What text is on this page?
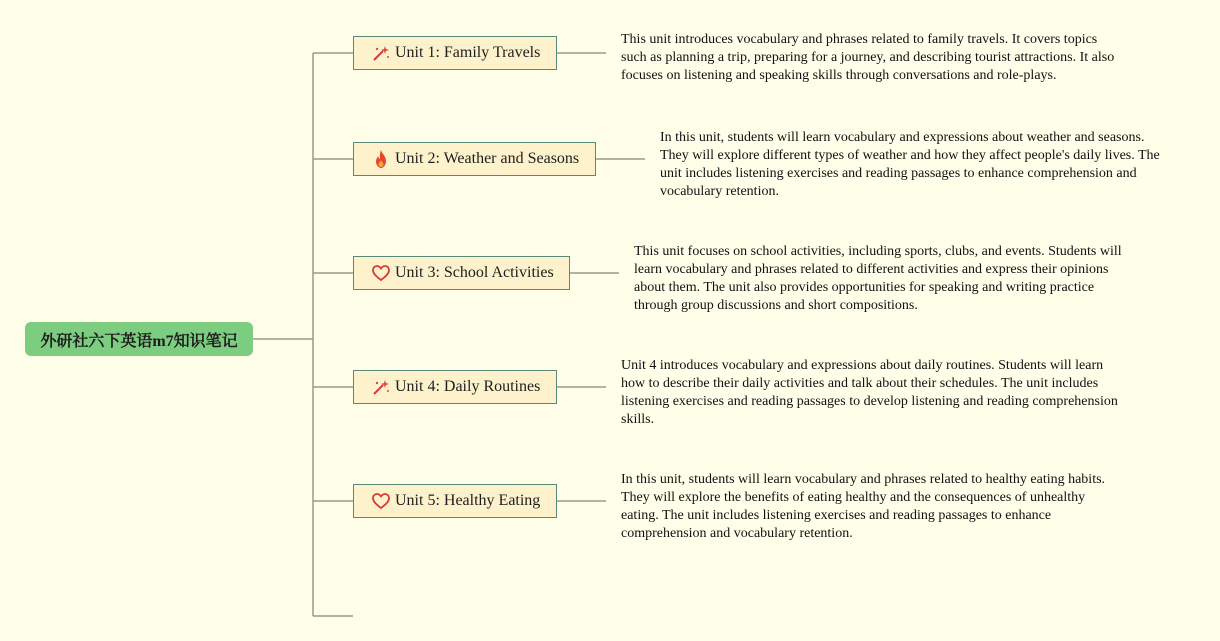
外研社六下英语m7知识笔记
Unit 1: Family Travels
This unit introduces vocabulary and phrases related to family travels. It covers topics such as planning a trip, preparing for a journey, and describing tourist attractions. It also focuses on listening and speaking skills through conversations and role-plays.
Unit 2: Weather and Seasons
In this unit, students will learn vocabulary and expressions about weather and seasons. They will explore different types of weather and how they affect people's daily lives. The unit includes listening exercises and reading passages to enhance comprehension and vocabulary retention.
Unit 3: School Activities
This unit focuses on school activities, including sports, clubs, and events. Students will learn vocabulary and phrases related to different activities and express their opinions about them. The unit also provides opportunities for speaking and writing practice through group discussions and short compositions.
Unit 4: Daily Routines
Unit 4 introduces vocabulary and expressions about daily routines. Students will learn how to describe their daily activities and talk about their schedules. The unit includes listening exercises and reading passages to develop listening and reading comprehension skills.
Unit 5: Healthy Eating
In this unit, students will learn vocabulary and phrases related to healthy eating habits. They will explore the benefits of eating healthy and the consequences of unhealthy eating. The unit includes listening exercises and reading passages to enhance comprehension and vocabulary retention.
